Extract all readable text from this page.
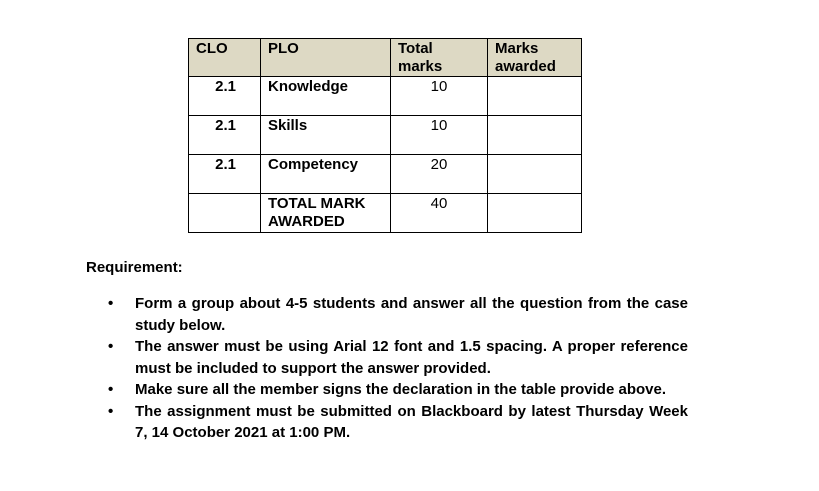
CLO	PLO	Total marks	Marks awarded
2.1	Knowledge	10	
2.1	Skills	10	
2.1	Competency	20	
	TOTAL MARK AWARDED	40	
Requirement:
• Form a group about 4-5 students and answer all the question from the case study below.
• The answer must be using Arial 12 font and 1.5 spacing. A proper reference must be included to support the answer provided.
• Make sure all the member signs the declaration in the table provide above.
• The assignment must be submitted on Blackboard by latest Thursday Week 7, 14 October 2021 at 1:00 PM.
